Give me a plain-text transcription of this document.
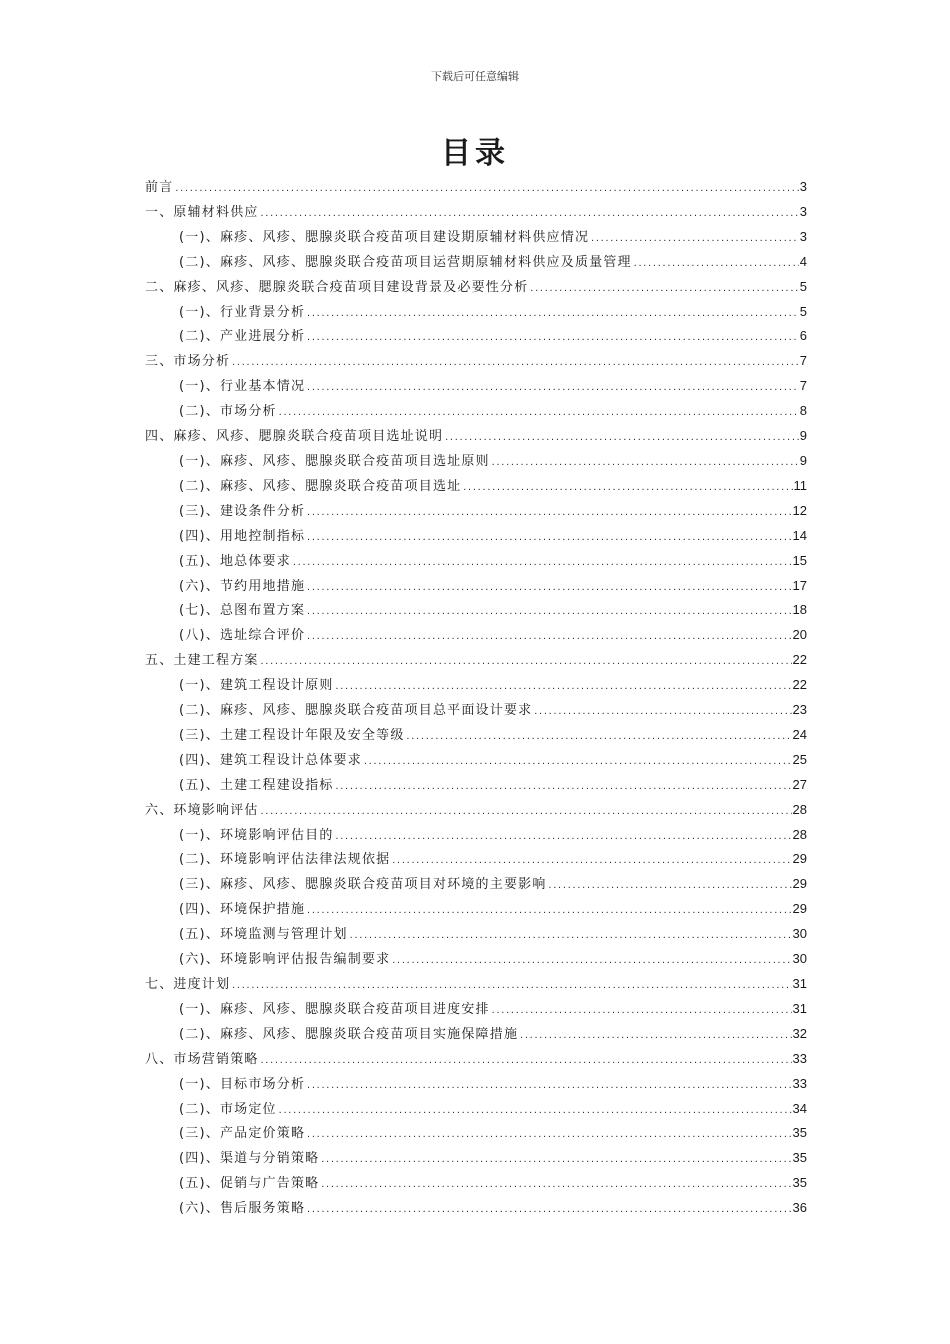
下载后可任意编辑
目录
前言 .....	3
一、原辅材料供应 .....	3
(一)、麻疹、风疹、腮腺炎联合疫苗项目建设期原辅材料供应情况 .....	3
(二)、麻疹、风疹、腮腺炎联合疫苗项目运营期原辅材料供应及质量管理 .....	4
二、麻疹、风疹、腮腺炎联合疫苗项目建设背景及必要性分析 .....	5
(一)、行业背景分析 .....	5
(二)、产业进展分析 .....	6
三、市场分析 .....	7
(一)、行业基本情况 .....	7
(二)、市场分析 .....	8
四、麻疹、风疹、腮腺炎联合疫苗项目选址说明 .....	9
(一)、麻疹、风疹、腮腺炎联合疫苗项目选址原则 .....	9
(二)、麻疹、风疹、腮腺炎联合疫苗项目选址 .....	11
(三)、建设条件分析 .....	12
(四)、用地控制指标 .....	14
(五)、地总体要求 .....	15
(六)、节约用地措施 .....	17
(七)、总图布置方案 .....	18
(八)、选址综合评价 .....	20
五、土建工程方案 .....	22
(一)、建筑工程设计原则 .....	22
(二)、麻疹、风疹、腮腺炎联合疫苗项目总平面设计要求 .....	23
(三)、土建工程设计年限及安全等级 .....	24
(四)、建筑工程设计总体要求 .....	25
(五)、土建工程建设指标 .....	27
六、环境影响评估 .....	28
(一)、环境影响评估目的 .....	28
(二)、环境影响评估法律法规依据 .....	29
(三)、麻疹、风疹、腮腺炎联合疫苗项目对环境的主要影响 .....	29
(四)、环境保护措施 .....	29
(五)、环境监测与管理计划 .....	30
(六)、环境影响评估报告编制要求 .....	30
七、进度计划 .....	31
(一)、麻疹、风疹、腮腺炎联合疫苗项目进度安排 .....	31
(二)、麻疹、风疹、腮腺炎联合疫苗项目实施保障措施 .....	32
八、市场营销策略 .....	33
(一)、目标市场分析 .....	33
(二)、市场定位 .....	34
(三)、产品定价策略 .....	35
(四)、渠道与分销策略 .....	35
(五)、促销与广告策略 .....	35
(六)、售后服务策略 .....	36
